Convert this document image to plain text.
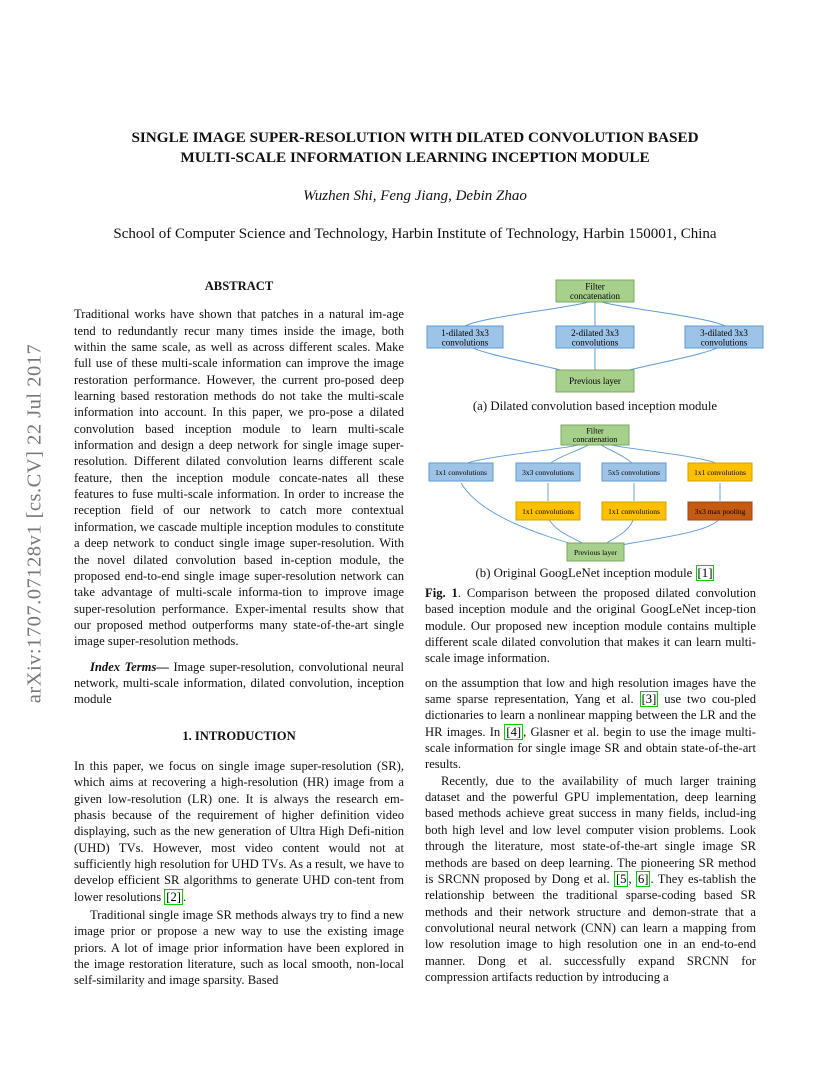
arXiv:1707.07128v1 [cs.CV] 22 Jul 2017
SINGLE IMAGE SUPER-RESOLUTION WITH DILATED CONVOLUTION BASED
MULTI-SCALE INFORMATION LEARNING INCEPTION MODULE
Wuzhen Shi, Feng Jiang, Debin Zhao
School of Computer Science and Technology, Harbin Institute of Technology, Harbin 150001, China

ABSTRACT

Traditional works have shown that patches in a natural im-age tend to redundantly recur many times inside the image, both within the same scale, as well as across different scales. Make full use of these multi-scale information can improve the image restoration performance. However, the current pro-posed deep learning based restoration methods do not take the multi-scale information into account. In this paper, we pro-pose a dilated convolution based inception module to learn multi-scale information and design a deep network for single image super-resolution. Different dilated convolution learns different scale feature, then the inception module concate-nates all these features to fuse multi-scale information. In order to increase the reception field of our network to catch more contextual information, we cascade multiple inception modules to constitute a deep network to conduct single image super-resolution. With the novel dilated convolution based in-ception module, the proposed end-to-end single image super-resolution network can take advantage of multi-scale informa-tion to improve image super-resolution performance. Exper-imental results show that our proposed method outperforms many state-of-the-art single image super-resolution methods.

Index Terms— Image super-resolution, convolutional neural network, multi-scale information, dilated convolution, inception module

1. INTRODUCTION

In this paper, we focus on single image super-resolution (SR), which aims at recovering a high-resolution (HR) image from a given low-resolution (LR) one. It is always the research em-phasis because of the requirement of higher definition video displaying, such as the new generation of Ultra High Defi-nition (UHD) TVs. However, most video content would not at sufficiently high resolution for UHD TVs. As a result, we have to develop efficient SR algorithms to generate UHD con-tent from lower resolutions [2] .

Traditional single image SR methods always try to find a new image prior or propose a new way to use the existing image priors. A lot of image prior information have been explored in the image restoration literature, such as local smooth, non-local self-similarity and image sparsity. Based

Filter
concatenation
1-dilated 3x3
convolutions
2-dilated 3x3
convolutions
3-dilated 3x3
convolutions
Previous layer
(a) Dilated convolution based inception module
Filter
concatenation
1x1 convolutions	3x3 convolutions	5x5 convolutions	1x1 convolutions
1x1 convolutions	1x1 convolutions	3x3 max pooling
Previous layer
(b) Original GoogLeNet inception module [1]

Fig. 1. Comparison between the proposed dilated convolution based inception module and the original GoogLeNet incep-tion module. Our proposed new inception module contains multiple different scale dilated convolution that makes it can learn multi-scale image information.

on the assumption that low and high resolution images have the same sparse representation, Yang et al. [3] use two cou-pled dictionaries to learn a nonlinear mapping between the LR and the HR images. In [4] , Glasner et al. begin to use the image multi-scale information for single image SR and obtain state-of-the-art results.

Recently, due to the availability of much larger training dataset and the powerful GPU implementation, deep learning based methods achieve great success in many fields, includ-ing both high level and low level computer vision problems. Look through the literature, most state-of-the-art single image SR methods are based on deep learning. The pioneering SR method is SRCNN proposed by Dong et al. [5 , 6] . They es-tablish the relationship between the traditional sparse-coding based SR methods and their network structure and demon-strate that a convolutional neural network (CNN) can learn a mapping from low resolution image to high resolution one in an end-to-end manner. Dong et al. successfully expand SRCNN for compression artifacts reduction by introducing a
